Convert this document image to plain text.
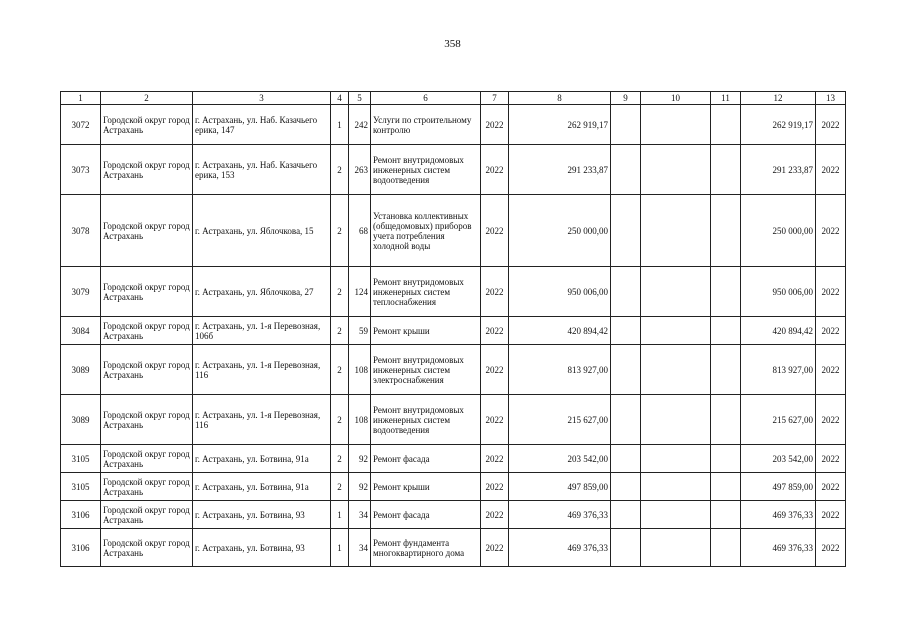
358
1	2	3	4	5	6	7	8	9	10	11	12	13
3072	Городской округ город Астрахань	г. Астрахань, ул. Наб. Казачьего ерика, 147	1	242	Услуги по строительному контролю	2022	262 919,17				262 919,17	2022
3073	Городской округ город Астрахань	г. Астрахань, ул. Наб. Казачьего ерика, 153	2	263	Ремонт внутридомовых инженерных систем водоотведения	2022	291 233,87				291 233,87	2022
3078	Городской округ город Астрахань	г. Астрахань, ул. Яблочкова, 15	2	68	Установка коллективных (общедомовых) приборов учета потребления холодной воды	2022	250 000,00				250 000,00	2022
3079	Городской округ город Астрахань	г. Астрахань, ул. Яблочкова, 27	2	124	Ремонт внутридомовых инженерных систем теплоснабжения	2022	950 006,00				950 006,00	2022
3084	Городской округ город Астрахань	г. Астрахань, ул. 1-я Перевозная, 106б	2	59	Ремонт крыши	2022	420 894,42				420 894,42	2022
3089	Городской округ город Астрахань	г. Астрахань, ул. 1-я Перевозная, 116	2	108	Ремонт внутридомовых инженерных систем электроснабжения	2022	813 927,00				813 927,00	2022
3089	Городской округ город Астрахань	г. Астрахань, ул. 1-я Перевозная, 116	2	108	Ремонт внутридомовых инженерных систем водоотведения	2022	215 627,00				215 627,00	2022
3105	Городской округ город Астрахань	г. Астрахань, ул. Ботвина, 91а	2	92	Ремонт фасада	2022	203 542,00				203 542,00	2022
3105	Городской округ город Астрахань	г. Астрахань, ул. Ботвина, 91а	2	92	Ремонт крыши	2022	497 859,00				497 859,00	2022
3106	Городской округ город Астрахань	г. Астрахань, ул. Ботвина, 93	1	34	Ремонт фасада	2022	469 376,33				469 376,33	2022
3106	Городской округ город Астрахань	г. Астрахань, ул. Ботвина, 93	1	34	Ремонт фундамента многоквартирного дома	2022	469 376,33				469 376,33	2022
